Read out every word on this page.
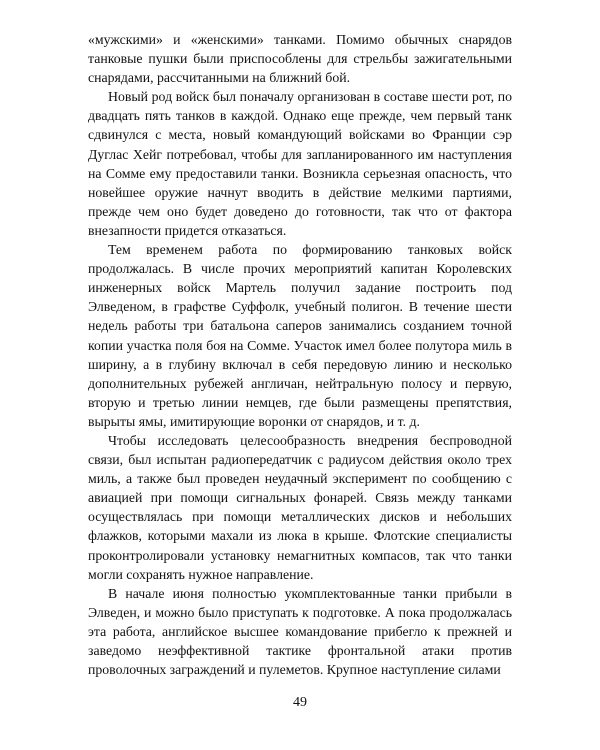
«мужскими» и «женскими» танками. Помимо обычных снарядов танковые пушки были приспособлены для стрельбы зажигательными снарядами, рассчитанными на ближний бой.

Новый род войск был поначалу организован в составе шести рот, по двадцать пять танков в каждой. Однако еще прежде, чем первый танк сдвинулся с места, новый командующий войсками во Франции сэр Дуглас Хейг потребовал, чтобы для запланированного им наступления на Сомме ему предоставили танки. Возникла серьезная опасность, что новейшее оружие начнут вводить в действие мелкими партиями, прежде чем оно будет доведено до готовности, так что от фактора внезапности придется отказаться.

Тем временем работа по формированию танковых войск продолжалась. В числе прочих мероприятий капитан Королевских инженерных войск Мартель получил задание построить под Элведеном, в графстве Суффолк, учебный полигон. В течение шести недель работы три батальона саперов занимались созданием точной копии участка поля боя на Сомме. Участок имел более полутора миль в ширину, а в глубину включал в себя передовую линию и несколько дополнительных рубежей англичан, нейтральную полосу и первую, вторую и третью линии немцев, где были размещены препятствия, вырыты ямы, имитирующие воронки от снарядов, и т. д.

Чтобы исследовать целесообразность внедрения беспроводной связи, был испытан радиопередатчик с радиусом действия около трех миль, а также был проведен неудачный эксперимент по сообщению с авиацией при помощи сигнальных фонарей. Связь между танками осуществлялась при помощи металлических дисков и небольших флажков, которыми махали из люка в крыше. Флотские специалисты проконтролировали установку немагнитных компасов, так что танки могли сохранять нужное направление.

В начале июня полностью укомплектованные танки прибыли в Элведен, и можно было приступать к подготовке. А пока продолжалась эта работа, английское высшее командование прибегло к прежней и заведомо неэффективной тактике фронтальной атаки против проволочных заграждений и пулеметов. Крупное наступление силами

49
